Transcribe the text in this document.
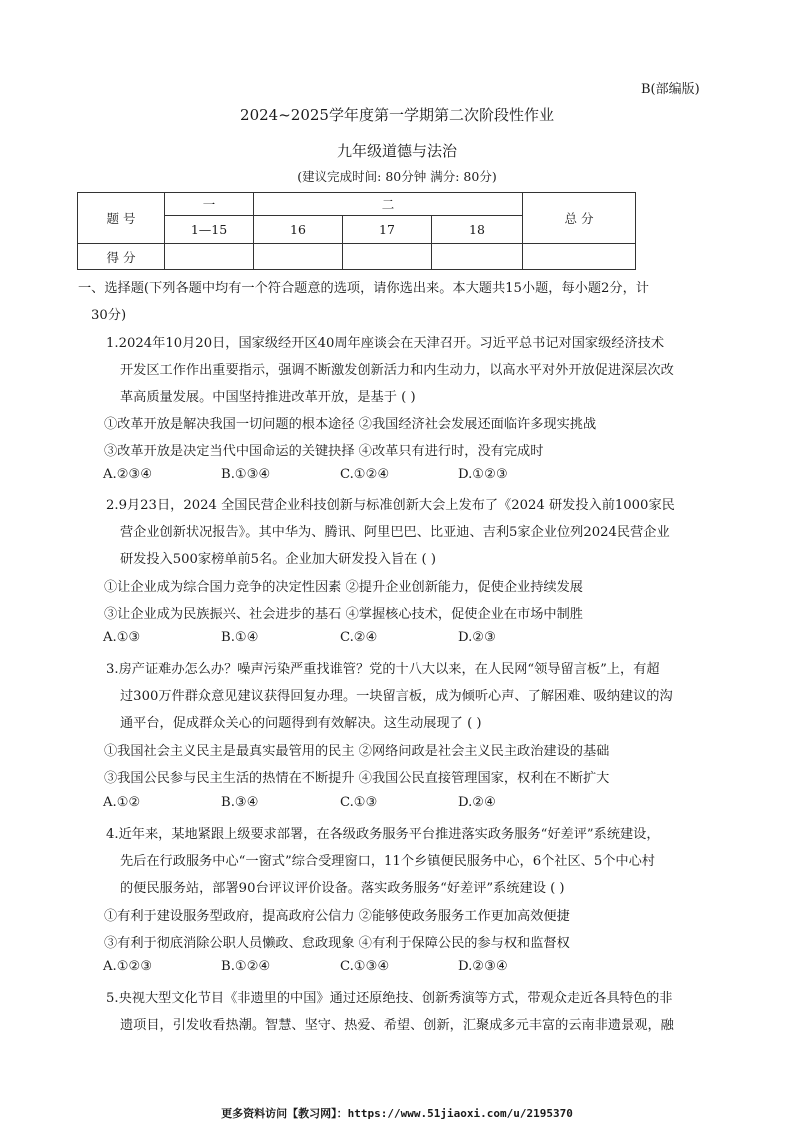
B(部编版)
2024~2025学年度第一学期第二次阶段性作业
九年级道德与法治
(建议完成时间: 80分钟 满分: 80分)
题 号	一	二			总 分
	1—15	16	17	18	
得 分					
一、选择题(下列各题中均有一个符合题意的选项，请你选出来。本大题共15小题，每小题2分，计
30分)
1.2024年10月20日，国家级经开区40周年座谈会在天津召开。习近平总书记对国家级经济技术
开发区工作作出重要指示，强调不断激发创新活力和内生动力，以高水平对外开放促进深层次改
革高质量发展。中国坚持推进改革开放，是基于 ( )
①改革开放是解决我国一切问题的根本途径 ②我国经济社会发展还面临许多现实挑战
③改革开放是决定当代中国命运的关键抉择 ④改革只有进行时，没有完成时
A.②③④	B.①③④	C.①②④	D.①②③
2.9月23日，2024 全国民营企业科技创新与标准创新大会上发布了《2024 研发投入前1000家民
营企业创新状况报告》。其中华为、腾讯、阿里巴巴、比亚迪、吉利5家企业位列2024民营企业
研发投入500家榜单前5名。企业加大研发投入旨在 ( )
①让企业成为综合国力竞争的决定性因素 ②提升企业创新能力，促使企业持续发展
③让企业成为民族振兴、社会进步的基石 ④掌握核心技术，促使企业在市场中制胜
A.①③	B.①④	C.②④	D.②③
3.房产证难办怎么办？噪声污染严重找谁管？党的十八大以来，在人民网“领导留言板”上，有超
过300万件群众意见建议获得回复办理。一块留言板，成为倾听心声、了解困难、吸纳建议的沟
通平台，促成群众关心的问题得到有效解决。这生动展现了 ( )
①我国社会主义民主是最真实最管用的民主 ②网络问政是社会主义民主政治建设的基础
③我国公民参与民主生活的热情在不断提升 ④我国公民直接管理国家，权利在不断扩大
A.①②	B.③④	C.①③	D.②④
4.近年来，某地紧跟上级要求部署，在各级政务服务平台推进落实政务服务“好差评”系统建设，
先后在行政服务中心“一窗式”综合受理窗口，11个乡镇便民服务中心，6个社区、5个中心村
的便民服务站，部署90台评议评价设备。落实政务服务“好差评”系统建设 ( )
①有利于建设服务型政府，提高政府公信力 ②能够使政务服务工作更加高效便捷
③有利于彻底消除公职人员懒政、怠政现象 ④有利于保障公民的参与权和监督权
A.①②③	B.①②④	C.①③④	D.②③④
5.央视大型文化节目《非遗里的中国》通过还原绝技、创新秀演等方式，带观众走近各具特色的非
遗项目，引发收看热潮。智慧、坚守、热爱、希望、创新，汇聚成多元丰富的云南非遗景观，融
更多资料访问【教习网】：https://www.51jiaoxi.com/u/2195370
